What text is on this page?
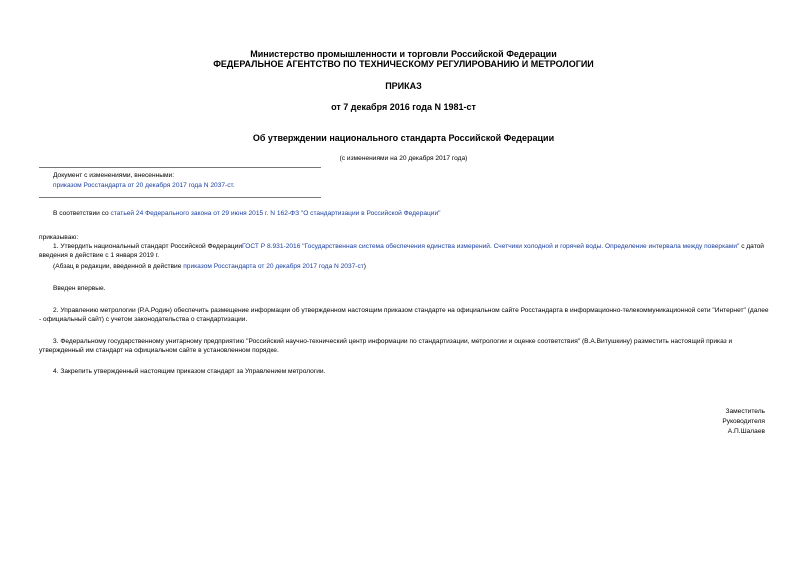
Министерство промышленности и торговли Российской Федерации
ФЕДЕРАЛЬНОЕ АГЕНТСТВО ПО ТЕХНИЧЕСКОМУ РЕГУЛИРОВАНИЮ И МЕТРОЛОГИИ
ПРИКАЗ
от 7 декабря 2016 года N 1981-ст
Об утверждении национального стандарта Российской Федерации
(с изменениями на 20 декабря 2017 года)
Документ с изменениями, внесенными:
приказом Росстандарта от 20 декабря 2017 года N 2037-ст.
В соответствии со статьей 24 Федерального закона от 29 июня 2015 г. N 162-ФЗ "О стандартизации в Российской Федерации"
приказываю:
1. Утвердить национальный стандарт Российской ФедерацииГОСТ Р 8.931-2016 "Государственная система обеспечения единства измерений. Счетчики холодной и горячей воды. Определение интервала между поверками" с датой введения в действие с 1 января 2019 г.
(Абзац в редакции, введенной в действие приказом Росстандарта от 20 декабря 2017 года N 2037-ст)
Введен впервые.
2. Управлению метрологии (Р.А.Родин) обеспечить размещение информации об утвержденном настоящим приказом стандарте на официальном сайте Росстандарта в информационно-телекоммуникационной сети "Интернет" (далее - официальный сайт) с учетом законодательства о стандартизации.
3. Федеральному государственному унитарному предприятию "Российский научно-технический центр информации по стандартизации, метрологии и оценке соответствия" (В.А.Витушкину) разместить настоящий приказ и утвержденный им стандарт на официальном сайте в установленном порядке.
4. Закрепить утвержденный настоящим приказом стандарт за Управлением метрологии.
Заместитель
Руководителя
А.П.Шалаев
